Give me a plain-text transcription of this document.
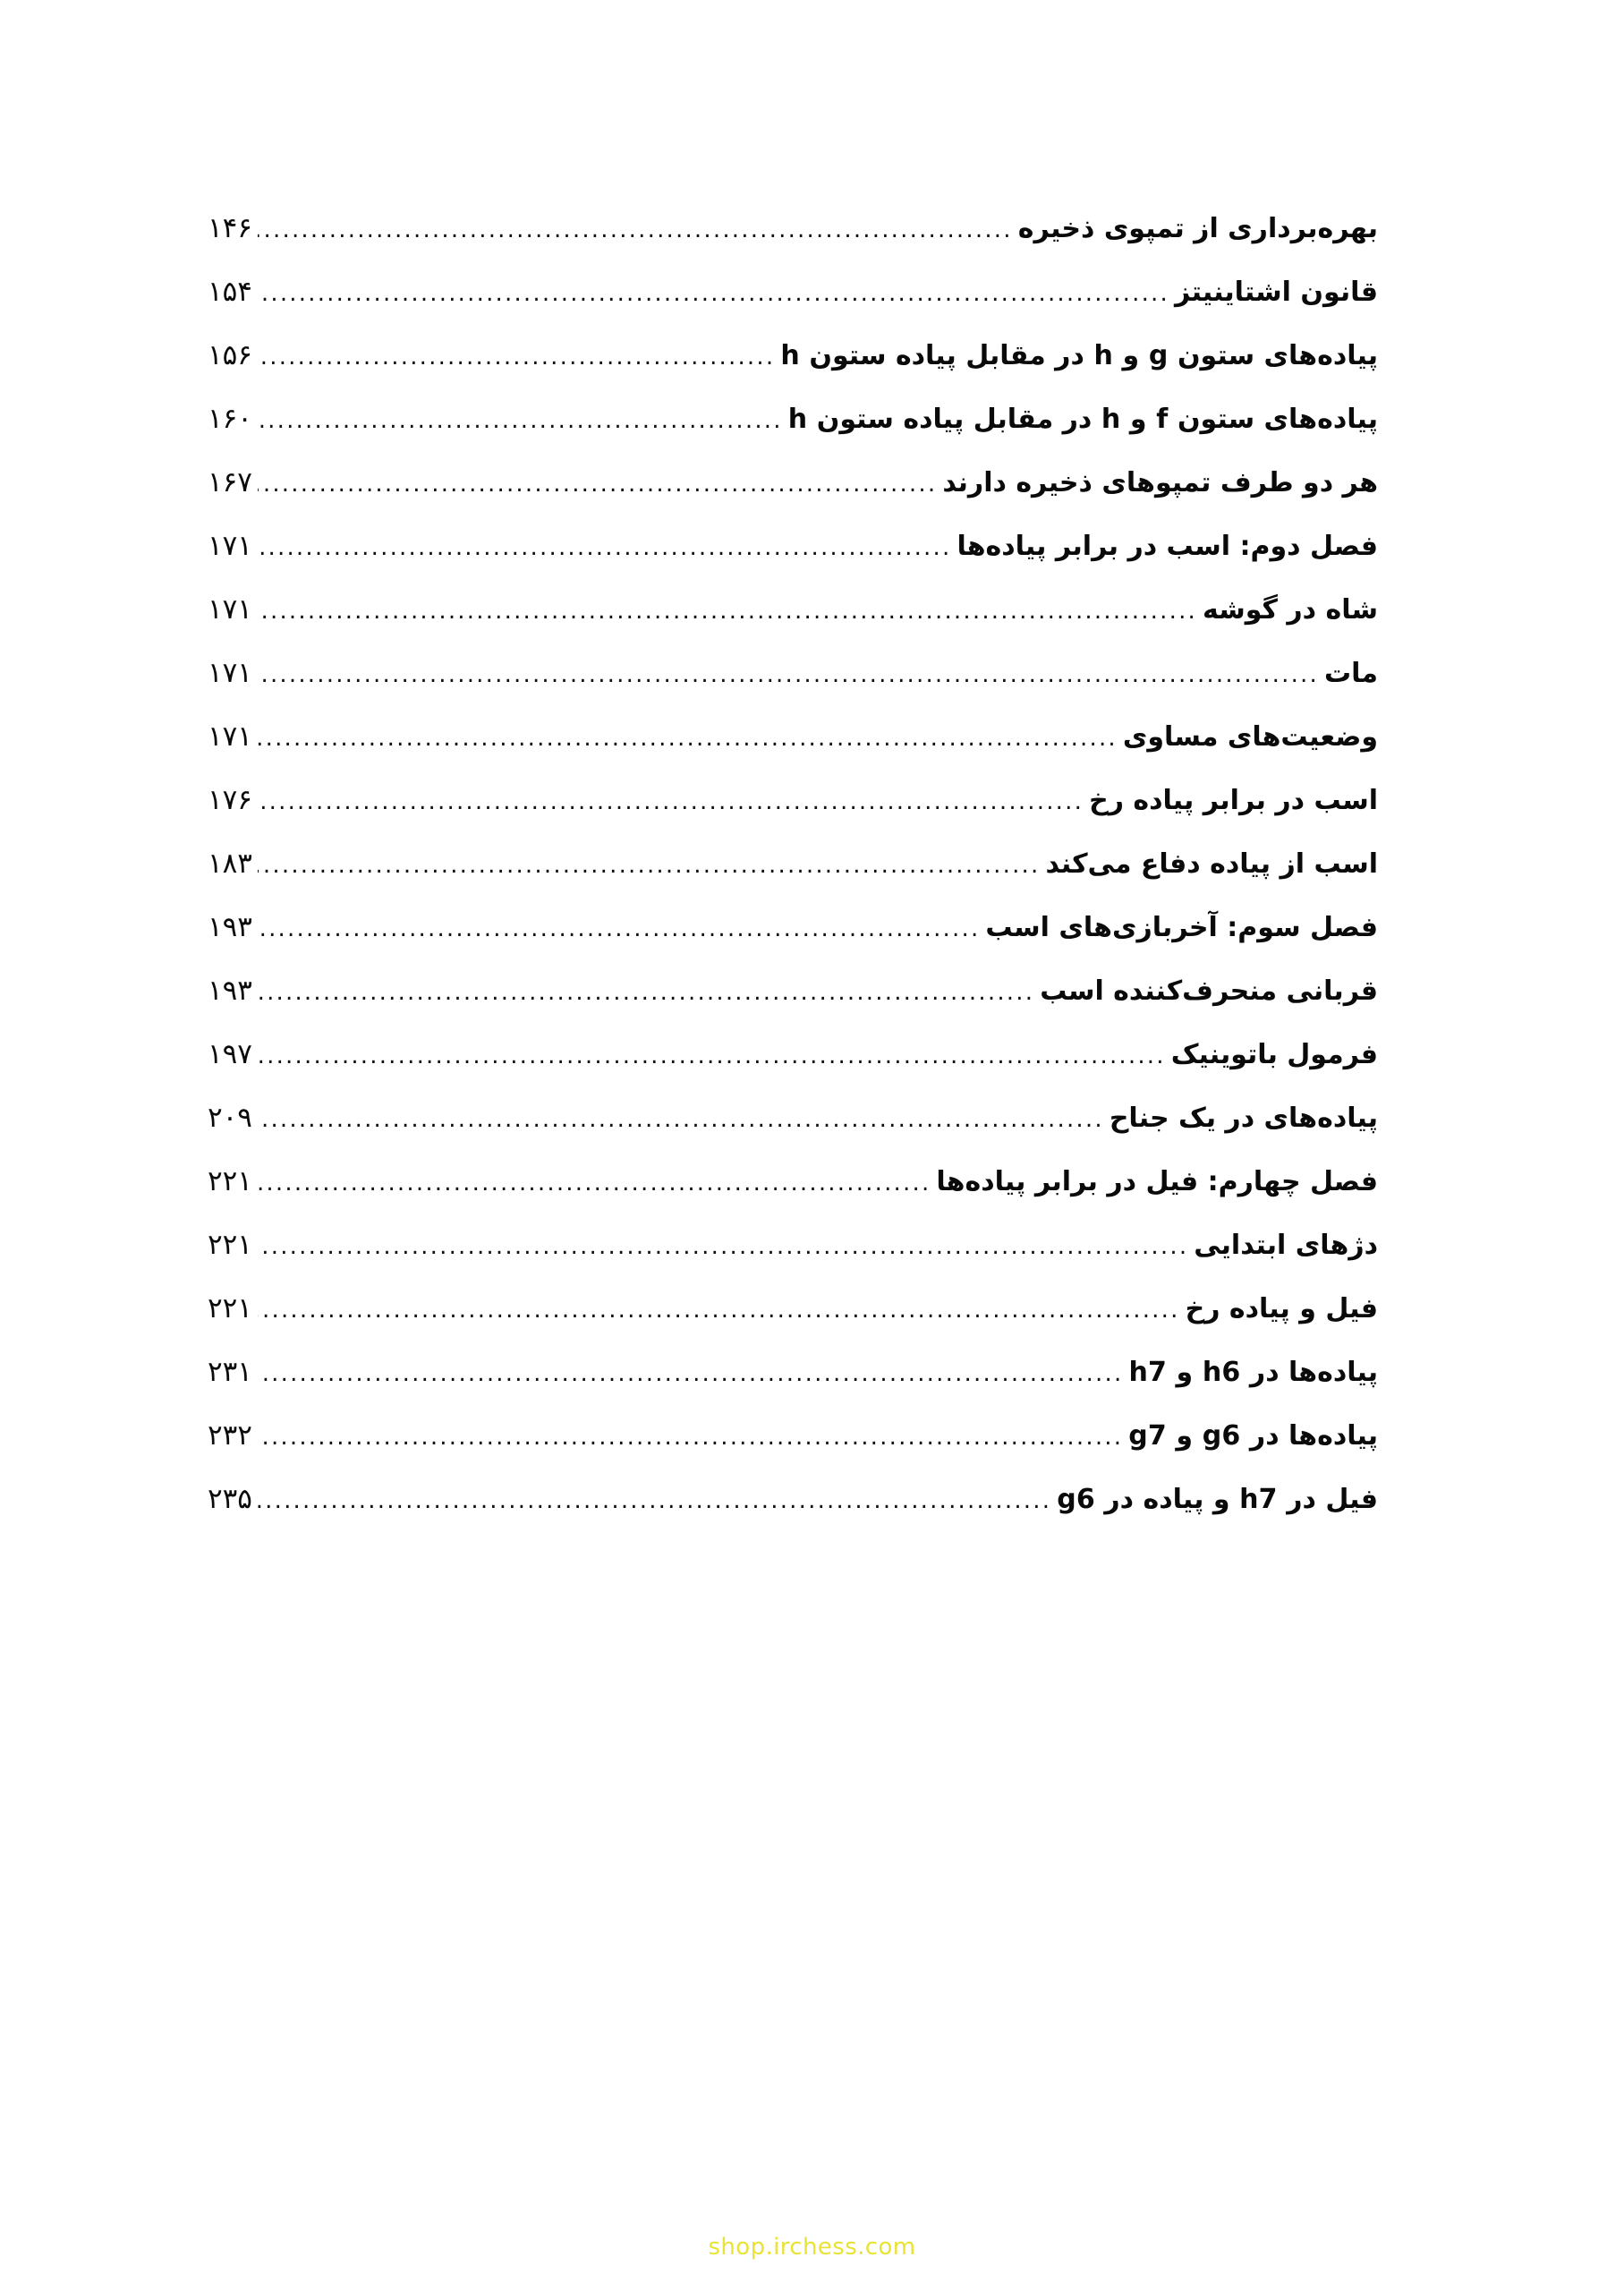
بهره‌برداری از تمپوی ذخیره
.....
۱۴۶
قانون اشتاینیتز
.....
۱۵۴
پیاده‌های ستون g و h در مقابل پیاده ستون h
.....
۱۵۶
پیاده‌های ستون f و h در مقابل پیاده ستون h
.....
۱۶۰
هر دو طرف تمپوهای ذخیره دارند
.....
۱۶۷
فصل دوم: اسب در برابر پیاده‌ها
.....
۱۷۱
شاه در گوشه
.....
۱۷۱
مات
.....
۱۷۱
وضعیت‌های مساوی
.....
۱۷۱
اسب در برابر پیاده رخ
.....
۱۷۶
اسب از پیاده دفاع می‌کند
.....
۱۸۳
فصل سوم: آخربازی‌های اسب
.....
۱۹۳
قربانی منحرف‌کننده اسب
.....
۱۹۳
فرمول باتوینیک
.....
۱۹۷
پیاده‌های در یک جناح
.....
۲۰۹
فصل چهارم: فیل در برابر پیاده‌ها
.....
۲۲۱
دژهای ابتدایی
.....
۲۲۱
فیل و پیاده رخ
.....
۲۲۱
پیاده‌ها در h6 و h7
.....
۲۳۱
پیاده‌ها در g6 و g7
.....
۲۳۲
فیل در h7 و پیاده در g6
.....
۲۳۵
shop.irchess.com
